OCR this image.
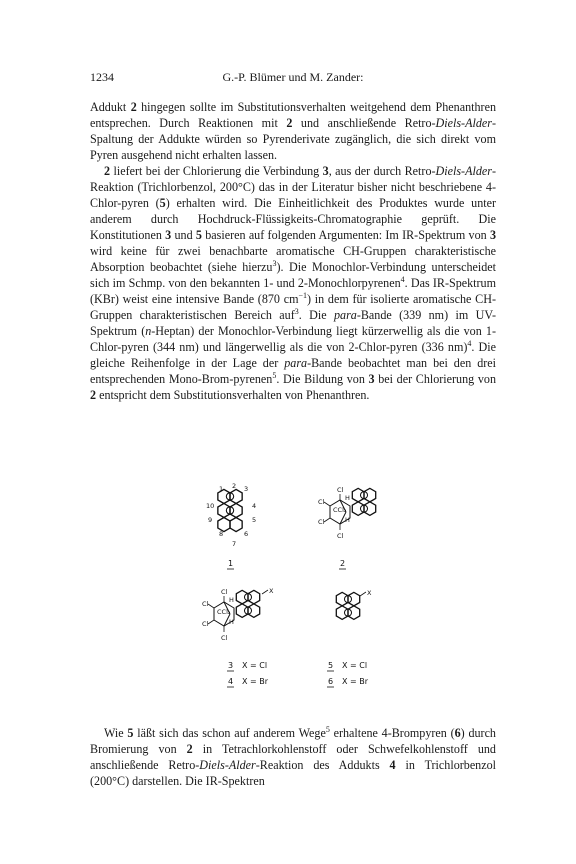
1234	G.-P. Blümer und M. Zander:

Addukt 2 hingegen sollte im Substitutionsverhalten weitgehend dem Phenanthren entsprechen. Durch Reaktionen mit 2 und anschließende Retro-Diels-Alder-Spaltung der Addukte würden so Pyrenderivate zugänglich, die sich direkt vom Pyren ausgehend nicht erhalten lassen.

2 liefert bei der Chlorierung die Verbindung 3, aus der durch Retro-Diels-Alder-Reaktion (Trichlorbenzol, 200°C) das in der Literatur bisher nicht beschriebene 4-Chlor-pyren (5) erhalten wird. Die Einheitlichkeit des Produktes wurde unter anderem durch Hochdruck-Flüssigkeits-Chromatographie geprüft. Die Konstitutionen 3 und 5 basieren auf folgenden Argumenten: Im IR-Spektrum von 3 wird keine für zwei benachbarte aromatische CH-Gruppen charakteristische Absorption beobachtet (siehe hierzu$^3$). Die Monochlor-Verbindung unterscheidet sich im Schmp. von den bekannten 1- und 2-Monochlorpyrenen$^4$. Das IR-Spektrum (KBr) weist eine intensive Bande (870 $cm^{-1}$) in dem für isolierte aromatische CH-Gruppen charakteristischen Bereich auf$^3$. Die para-Bande (339 nm) im UV-Spektrum (n-Heptan) der Monochlor-Verbindung liegt kürzerwellig als die von 1-Chlor-pyren (344 nm) und längerwellig als die von 2-Chlor-pyren (336 nm)$^4$. Die gleiche Reihenfolge in der Lage der para-Bande beobachtet man bei den drei entsprechenden Mono-Brom-pyrenen$^5$. Die Bildung von 3 bei der Chlorierung von 2 entspricht dem Substitutionsverhalten von Phenanthren.

2
1	3
4
5
10
9
8	6
7
Cl
Cl
Cl
Cl
H
H
CCl₂
1	2
Cl
Cl
Cl
Cl
H
H
CCl₂
X	X
3 X = Cl
4 X = Br
5 X = Cl
6 X = Br

Wie 5 läßt sich das schon auf anderem Wege$^5$ erhaltene 4-Brompyren (6) durch Bromierung von 2 in Tetrachlorkohlenstoff oder Schwefelkohlenstoff und anschließende Retro-Diels-Alder-Reaktion des Addukts 4 in Trichlorbenzol (200°C) darstellen. Die IR-Spektren
